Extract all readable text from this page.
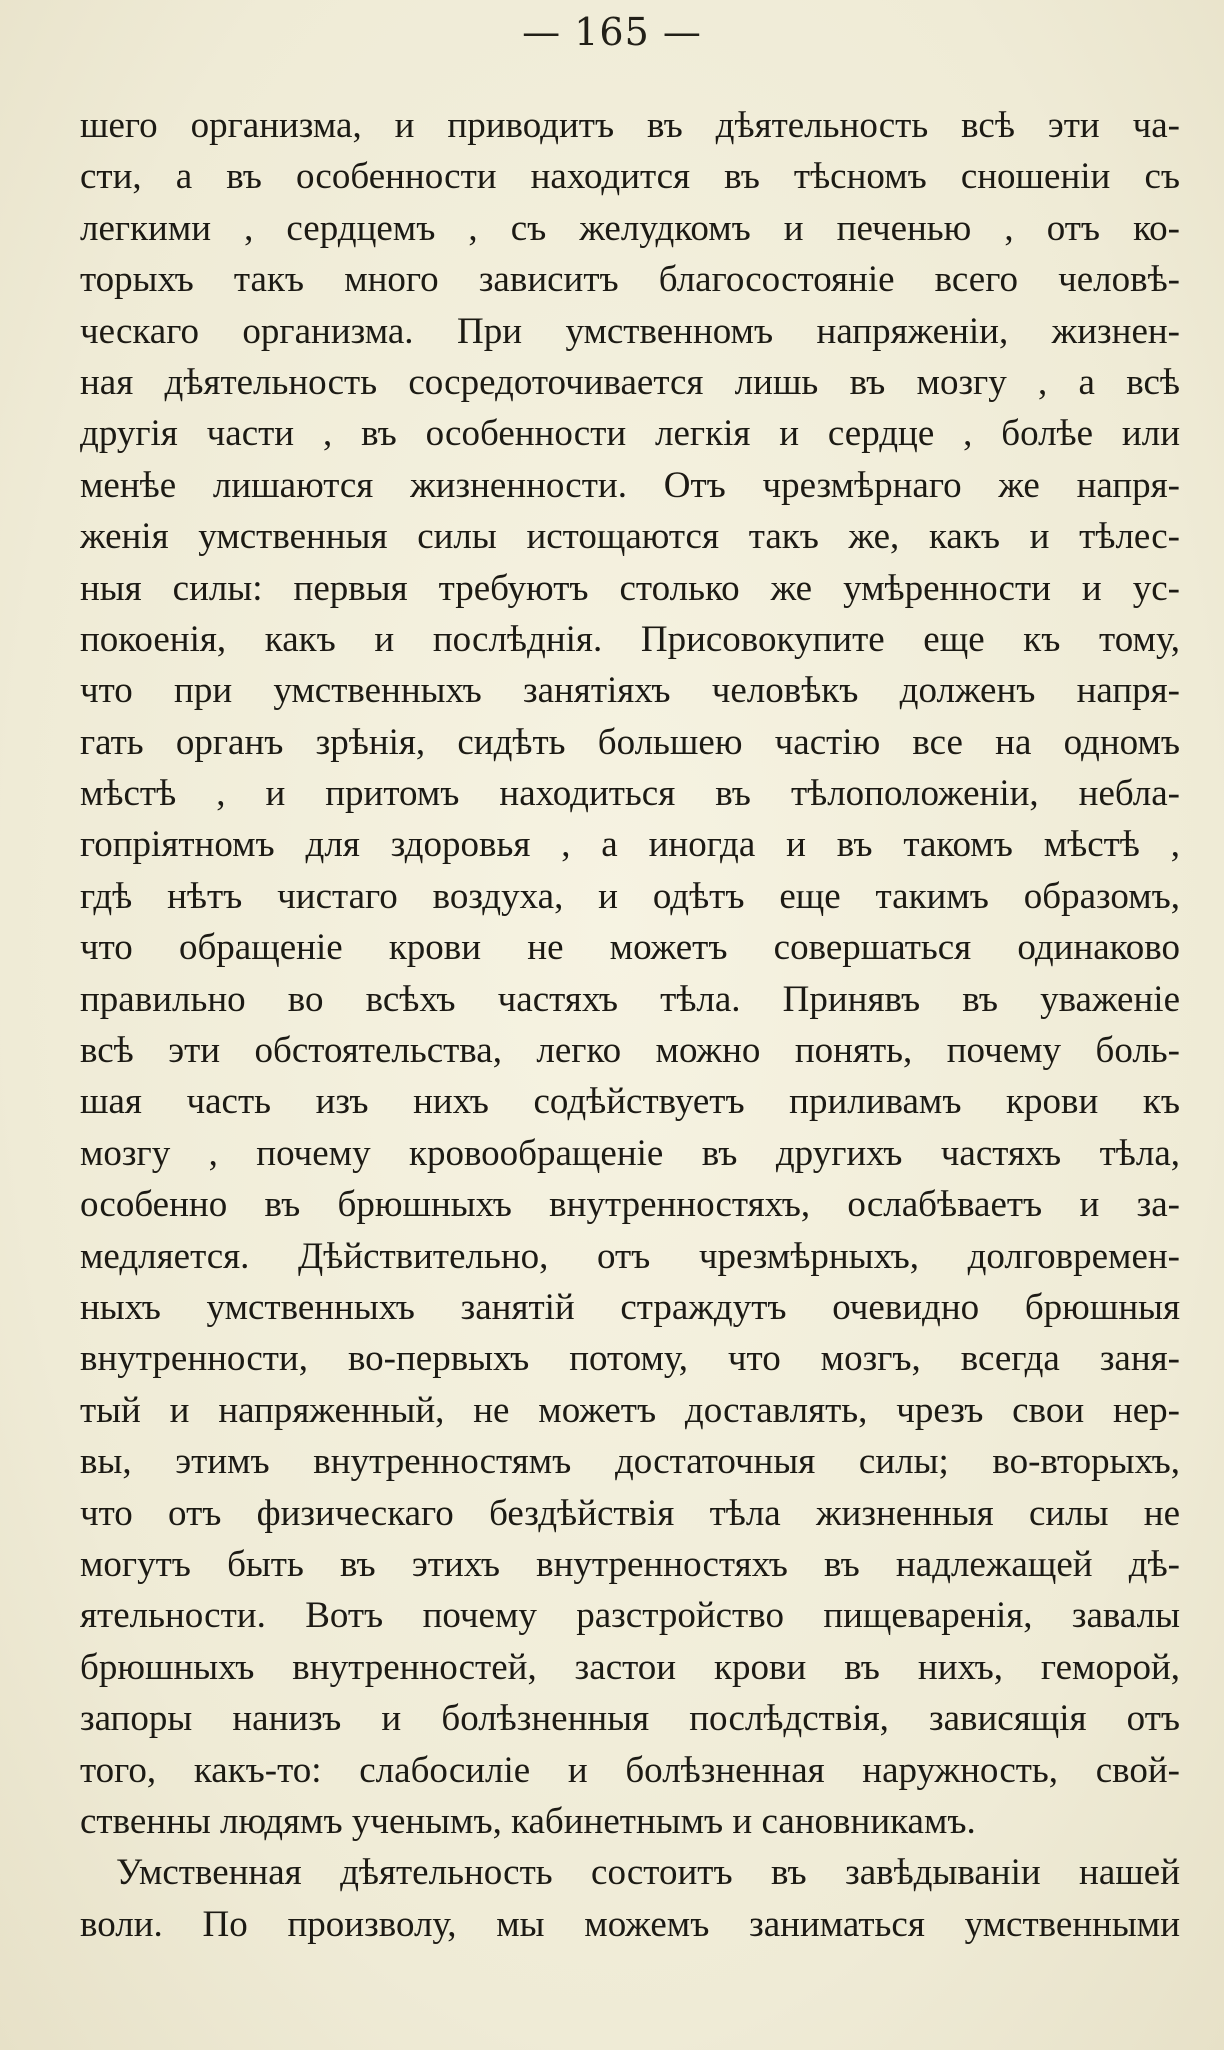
— 165 —
шего организма, и приводитъ въ дѣятельность всѣ эти ча-
сти, а въ особенности находится въ тѣсномъ сношенiи съ
легкими , сердцемъ , съ желудкомъ и печенью , отъ ко-
торыхъ такъ много зависитъ благосостоянiе всего человѣ-
ческаго организма. При умственномъ напряженiи, жизнен-
ная дѣятельность сосредоточивается лишь въ мозгу , а всѣ
другiя части , въ особенности легкiя и сердце , болѣе или
менѣе лишаются жизненности. Отъ чрезмѣрнаго же напря-
женiя умственныя силы истощаются такъ же, какъ и тѣлес-
ныя силы: первыя требуютъ столько же умѣренности и ус-
покоенiя, какъ и послѣднiя. Присовокупите еще къ тому,
что при умственныхъ занятiяхъ человѣкъ долженъ напря-
гать органъ зрѣнiя, сидѣть большею частiю все на одномъ
мѣстѣ , и притомъ находиться въ тѣлоположенiи, небла-
гопрiятномъ для здоровья , а иногда и въ такомъ мѣстѣ ,
гдѣ нѣтъ чистаго воздуха, и одѣтъ еще такимъ образомъ,
что обращенiе крови не можетъ совершаться одинаково
правильно во всѣхъ частяхъ тѣла. Принявъ въ уваженiе
всѣ эти обстоятельства, легко можно понять, почему боль-
шая часть изъ нихъ содѣйствуетъ приливамъ крови къ
мозгу , почему кровообращенiе въ другихъ частяхъ тѣла,
особенно въ брюшныхъ внутренностяхъ, ослабѣваетъ и за-
медляется. Дѣйствительно, отъ чрезмѣрныхъ, долговремен-
ныхъ умственныхъ занятiй страждутъ очевидно брюшныя
внутренности, во-первыхъ потому, что мозгъ, всегда заня-
тый и напряженный, не можетъ доставлять, чрезъ свои нер-
вы, этимъ внутренностямъ достаточныя силы; во-вторыхъ,
что отъ физическаго бездѣйствiя тѣла жизненныя силы не
могутъ быть въ этихъ внутренностяхъ въ надлежащей дѣ-
ятельности. Вотъ почему разстройство пищеваренiя, завалы
брюшныхъ внутренностей, застои крови въ нихъ, геморой,
запоры нанизъ и болѣзненныя послѣдствiя, зависящiя отъ
того, какъ-то: слабосилiе и болѣзненная наружность, свой-
ственны людямъ ученымъ, кабинетнымъ и сановникамъ.
Умственная дѣятельность состоитъ въ завѣдыванiи нашей
воли. По произволу, мы можемъ заниматься умственными
